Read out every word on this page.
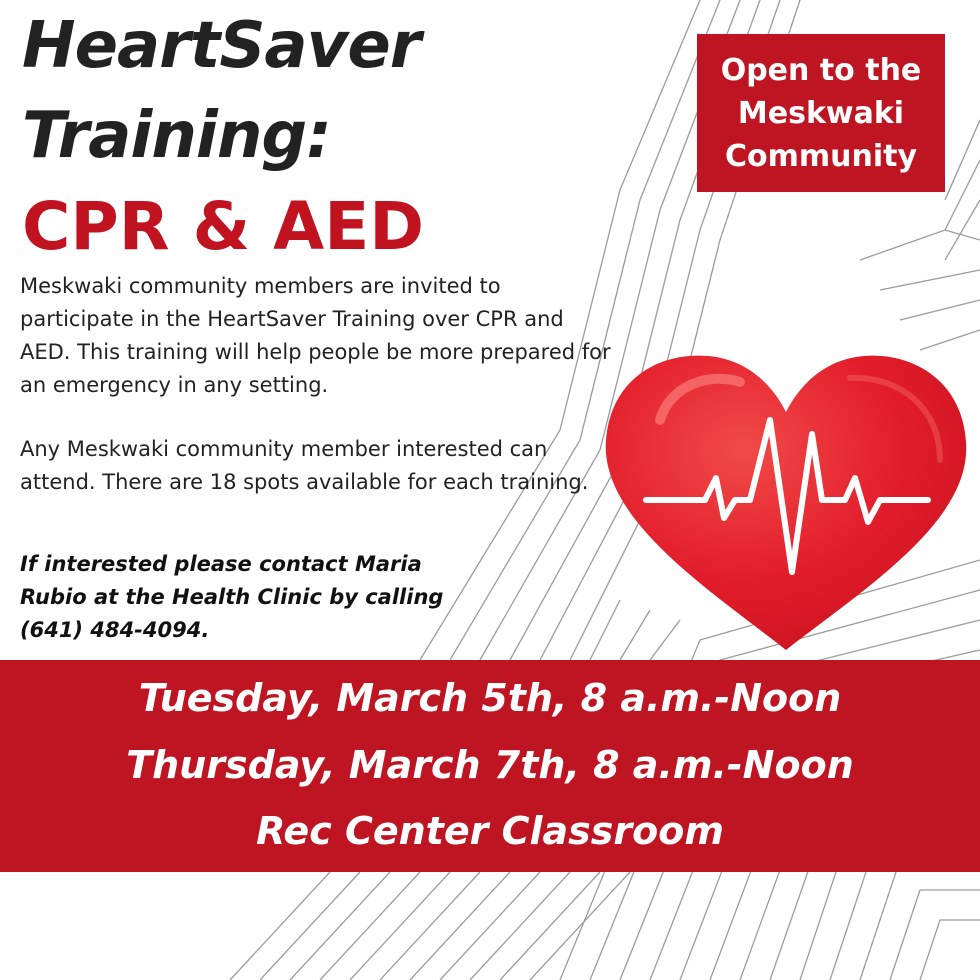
HeartSaver
Training:
CPR & AED
Open to the
Meskwaki
Community

Meskwaki community members are invited to participate in the HeartSaver Training over CPR and AED. This training will help people be more prepared for an emergency in any setting.

Any Meskwaki community member interested can attend. There are 18 spots available for each training.

If interested please contact Maria Rubio at the Health Clinic by calling (641) 484-4094.

Tuesday, March 5th, 8 a.m.-Noon
Thursday, March 7th, 8 a.m.-Noon
Rec Center Classroom
